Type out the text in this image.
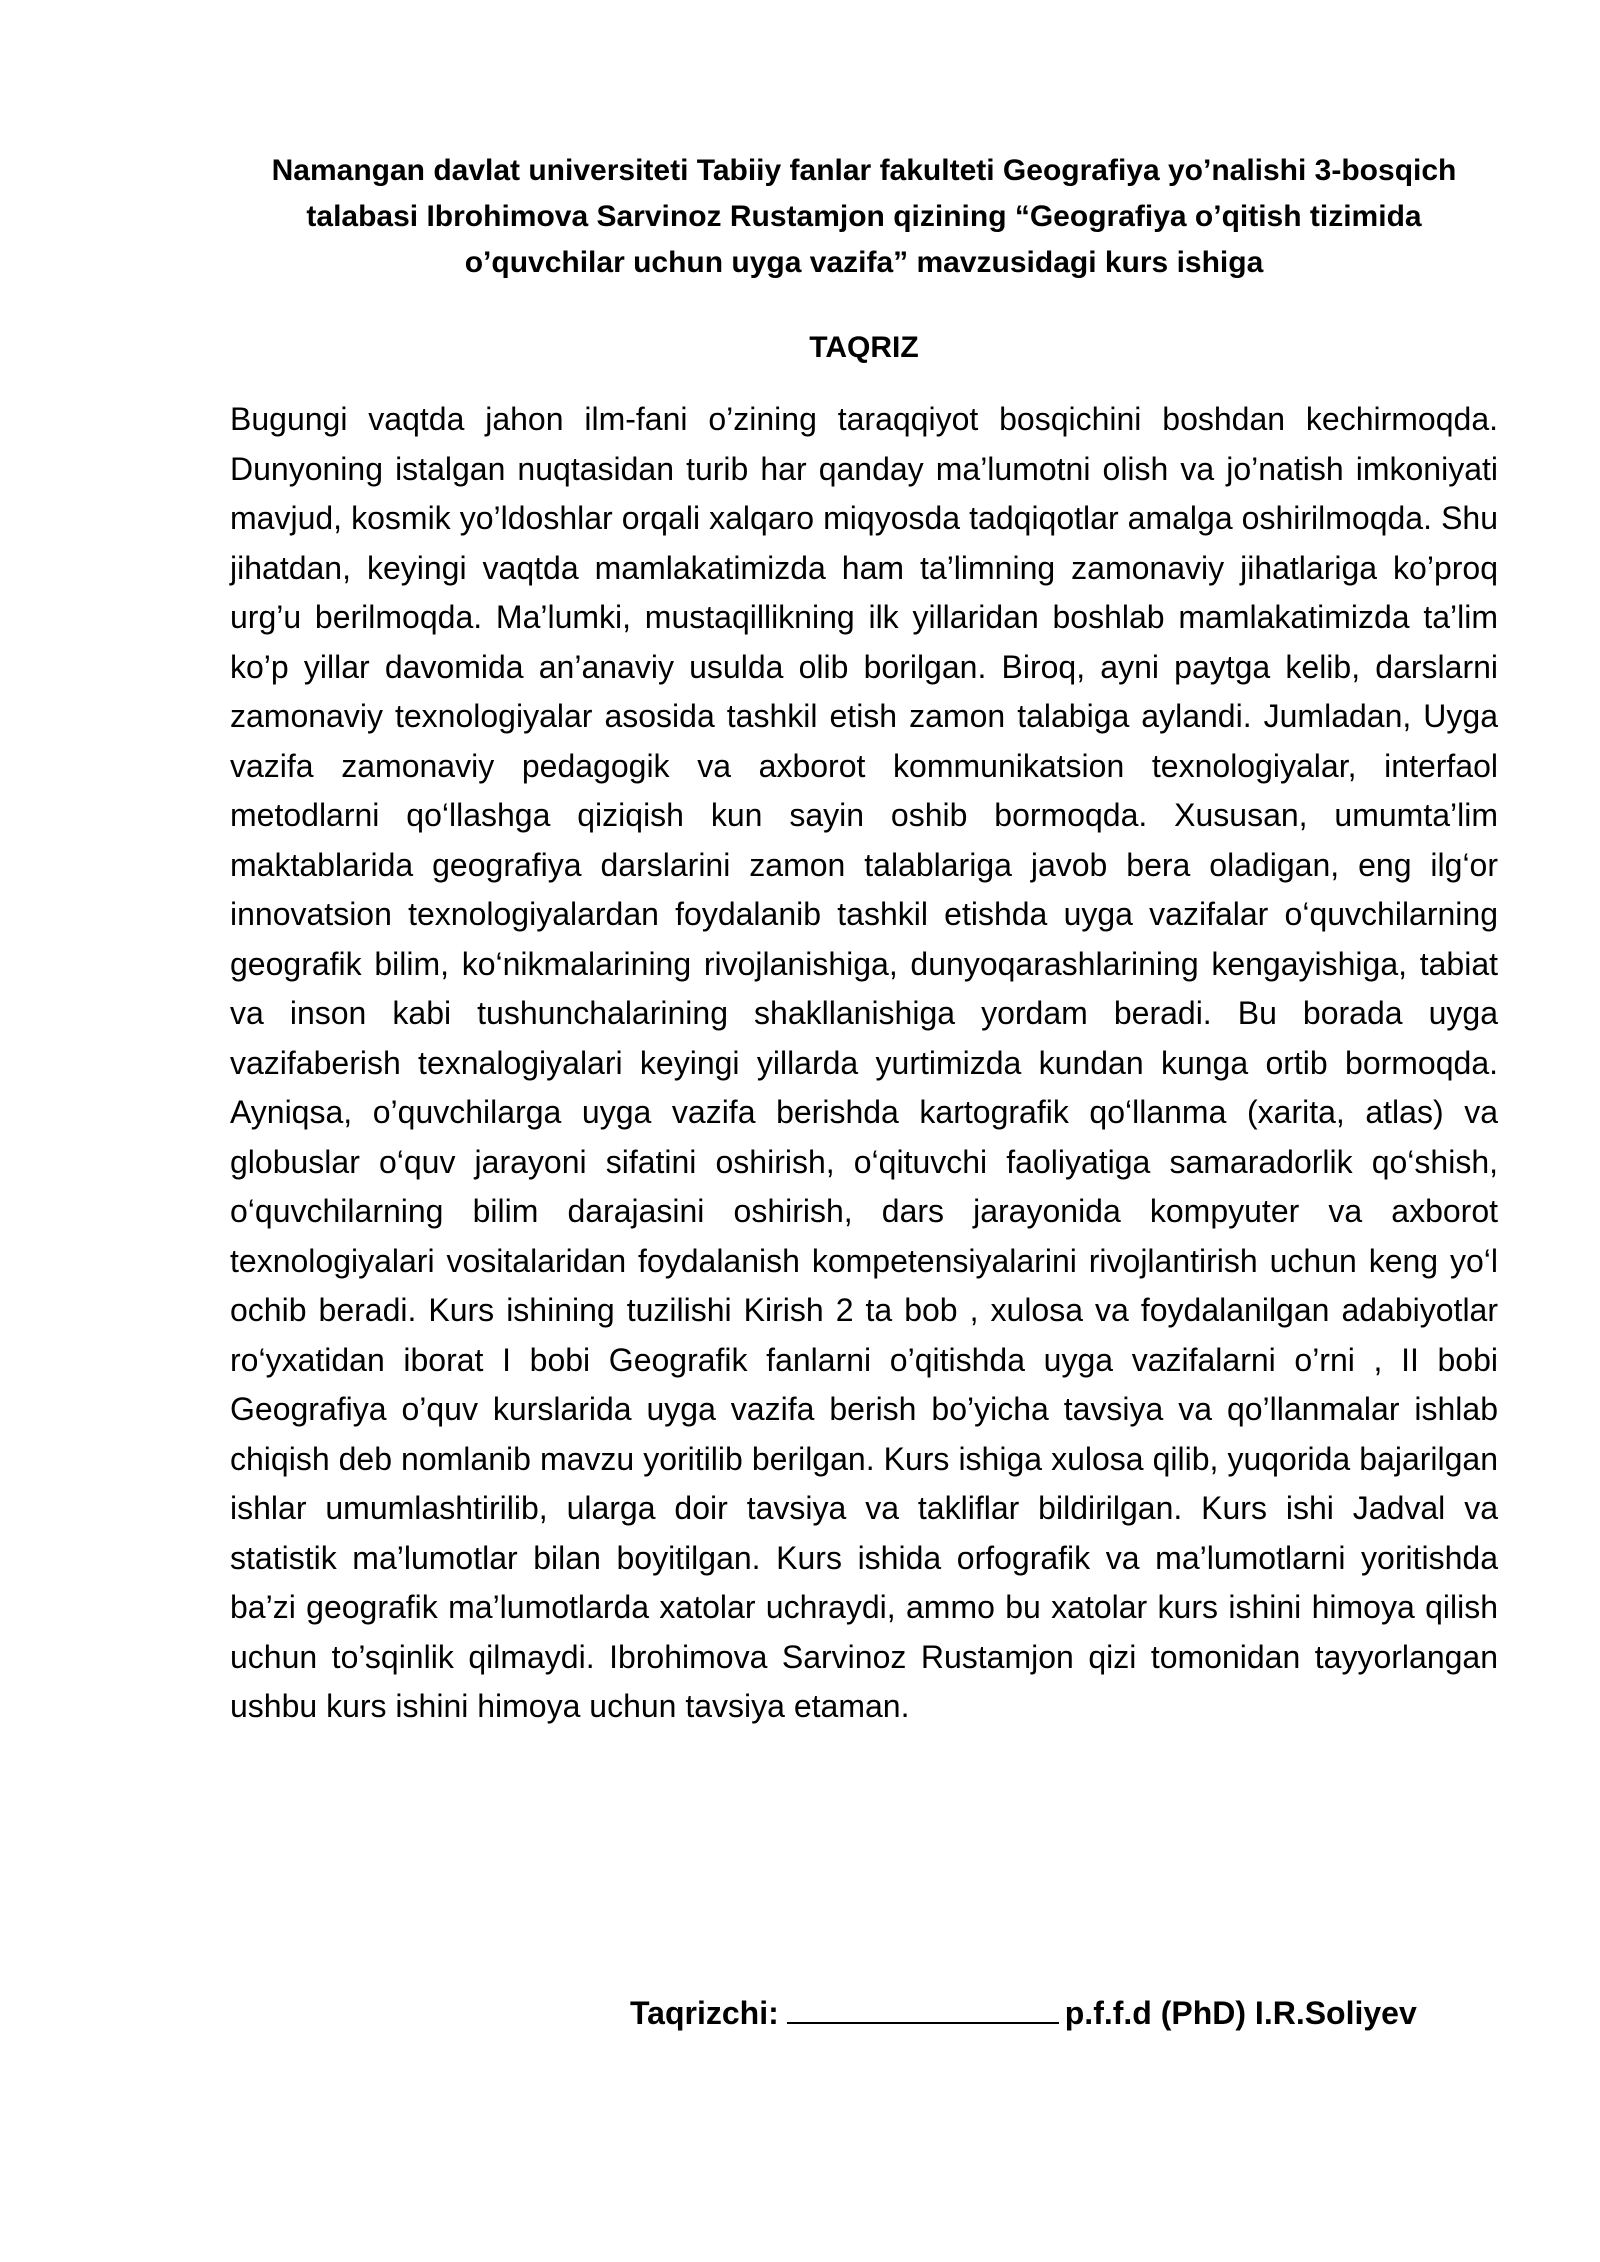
Namangan davlat universiteti Tabiiy fanlar fakulteti Geografiya yo’nalishi 3-bosqich talabasi Ibrohimova Sarvinoz Rustamjon qizining “Geografiya o’qitish tizimida o’quvchilar uchun uyga vazifa” mavzusidagi kurs ishiga

TAQRIZ

Bugungi vaqtda jahon ilm-fani o’zining taraqqiyot bosqichini boshdan kechirmoqda. Dunyoning istalgan nuqtasidan turib har qanday ma’lumotni olish va jo’natish imkoniyati mavjud, kosmik yo’ldoshlar orqali xalqaro miqyosda tadqiqotlar amalga oshirilmoqda. Shu jihatdan, keyingi vaqtda mamlakatimizda ham ta’limning zamonaviy jihatlariga ko’proq urg’u berilmoqda. Ma’lumki, mustaqillikning ilk yillaridan boshlab mamlakatimizda ta’lim ko’p yillar davomida an’anaviy usulda olib borilgan. Biroq, ayni paytga kelib, darslarni zamonaviy texnologiyalar asosida tashkil etish zamon talabiga aylandi. Jumladan, Uyga vazifa zamonaviy pedagogik va axborot kommunikatsion texnologiyalar, interfaol metodlarni qo‘llashga qiziqish kun sayin oshib bormoqda. Xususan, umumta’lim maktablarida geografiya darslarini zamon talablariga javob bera oladigan, eng ilg‘or innovatsion texnologiyalardan foydalanib tashkil etishda uyga vazifalar o‘quvchilarning geografik bilim, ko‘nikmalarining rivojlanishiga, dunyoqarashlarining kengayishiga, tabiat va inson kabi tushunchalarining shakllanishiga yordam beradi. Bu borada uyga vazifaberish texnalogiyalari keyingi yillarda yurtimizda kundan kunga ortib bormoqda. Ayniqsa, o’quvchilarga uyga vazifa berishda kartografik qo‘llanma (xarita, atlas) va globuslar o‘quv jarayoni sifatini oshirish, o‘qituvchi faoliyatiga samaradorlik qo‘shish, o‘quvchilarning bilim darajasini oshirish, dars jarayonida kompyuter va axborot texnologiyalari vositalaridan foydalanish kompetensiyalarini rivojlantirish uchun keng yo‘l ochib beradi. Kurs ishining tuzilishi Kirish 2 ta bob , xulosa va foydalanilgan adabiyotlar ro‘yxatidan iborat I bobi Geografik fanlarni o’qitishda uyga vazifalarni o’rni , II bobi Geografiya o’quv kurslarida uyga vazifa berish bo’yicha tavsiya va qo’llanmalar ishlab chiqish deb nomlanib mavzu yoritilib berilgan. Kurs ishiga xulosa qilib, yuqorida bajarilgan ishlar umumlashtirilib, ularga doir tavsiya va takliflar bildirilgan. Kurs ishi Jadval va statistik ma’lumotlar bilan boyitilgan. Kurs ishida orfografik va ma’lumotlarni yoritishda ba’zi geografik ma’lumotlarda xatolar uchraydi, ammo bu xatolar kurs ishini himoya qilish uchun to’sqinlik qilmaydi. Ibrohimova Sarvinoz Rustamjon qizi tomonidan tayyorlangan ushbu kurs ishini himoya uchun tavsiya etaman.

Taqrizchi:	p.f.f.d (PhD) I.R.Soliyev
